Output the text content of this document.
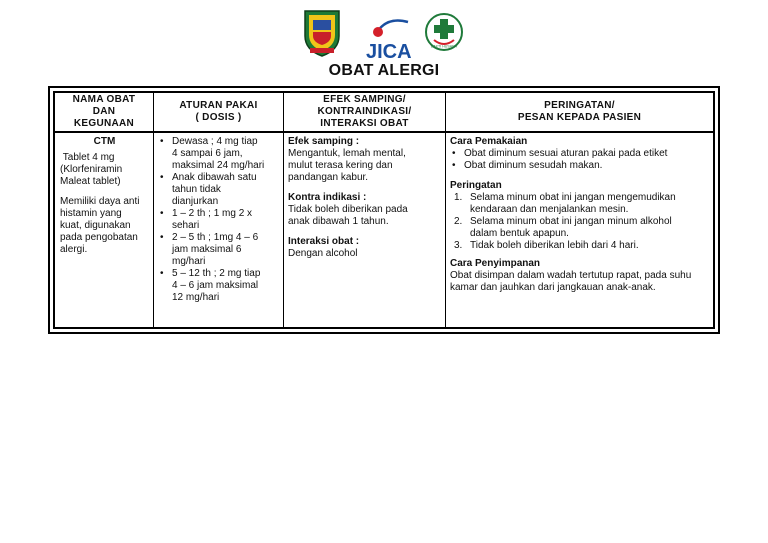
JICA	BAKTI HUSADA
OBAT ALERGI
NAMA OBAT
DAN
KEGUNAAN
CTM

Tablet 4 mg

(Klorfeniramin

Maleat tablet)

Memiliki daya anti

histamin yang

kuat, digunakan

pada pengobatan

alergi.

ATURAN PAKAI
( DOSIS )
• Dewasa ; 4 mg tiap
4 sampai 6 jam,
maksimal 24 mg/hari
• Anak dibawah satu
tahun tidak
dianjurkan
• 1 – 2 th ; 1 mg 2 x
sehari
• 2 – 5 th ; 1mg 4 – 6
jam maksimal 6
mg/hari
• 5 – 12 th ; 2 mg tiap
4 – 6 jam maksimal
12 mg/hari
EFEK SAMPING/
KONTRAINDIKASI/
INTERAKSI OBAT

Efek samping :

Mengantuk, lemah mental,

mulut terasa kering dan

pandangan kabur.

Kontra indikasi :

Tidak boleh diberikan pada

anak dibawah 1 tahun.

Interaksi obat :

Dengan alcohol

PERINGATAN/
PESAN KEPADA PASIEN

Cara Pemakaian

• Obat diminum sesuai aturan pakai pada etiket
• Obat diminum sesudah makan.

Peringatan

1. Selama minum obat ini jangan mengemudikan
kendaraan dan menjalankan mesin.
2. Selama minum obat ini jangan minum alkohol
dalam bentuk apapun.
3. Tidak boleh diberikan lebih dari 4 hari.

Cara Penyimpanan

Obat disimpan dalam wadah tertutup rapat, pada suhu

kamar dan jauhkan dari jangkauan anak-anak.
